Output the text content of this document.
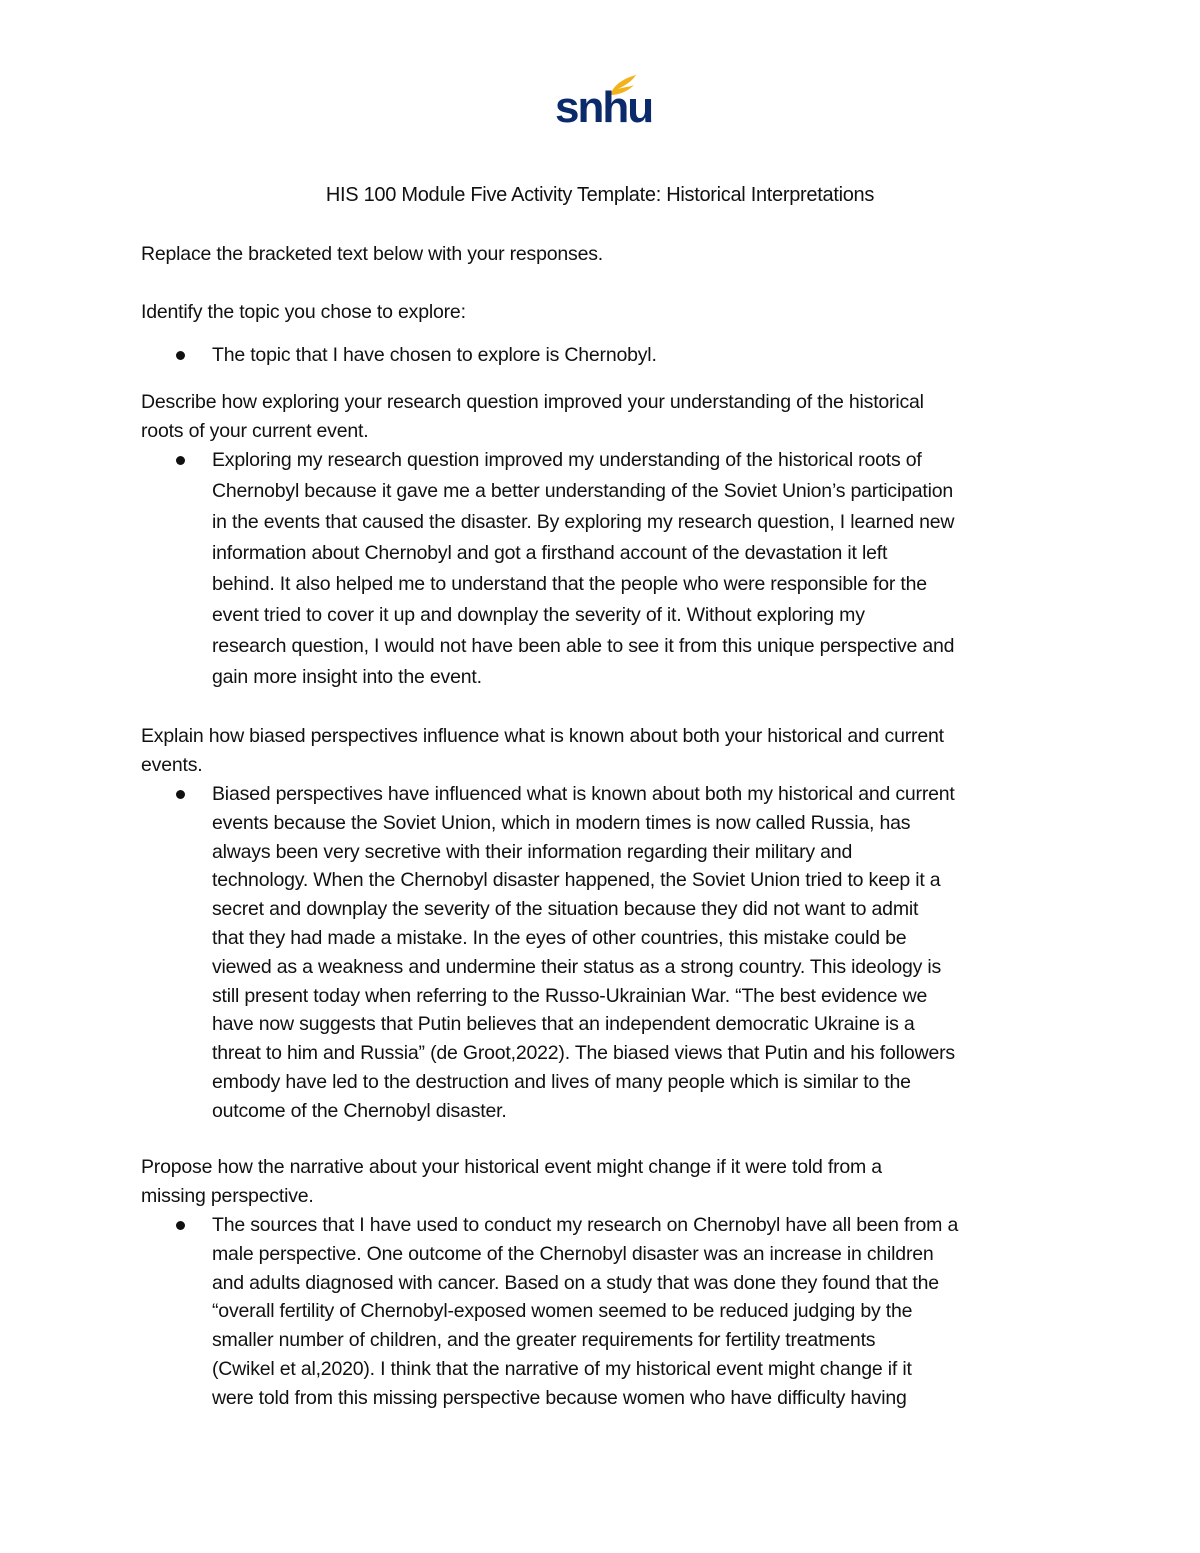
snhu
HIS 100 Module Five Activity Template: Historical Interpretations
Replace the bracketed text below with your responses.
Identify the topic you chose to explore:
The topic that I have chosen to explore is Chernobyl.
Describe how exploring your research question improved your understanding of the historical
roots of your current event.
Exploring my research question improved my understanding of the historical roots of
Chernobyl because it gave me a better understanding of the Soviet Union’s participation
in the events that caused the disaster. By exploring my research question, I learned new
information about Chernobyl and got a firsthand account of the devastation it left
behind. It also helped me to understand that the people who were responsible for the
event tried to cover it up and downplay the severity of it. Without exploring my
research question, I would not have been able to see it from this unique perspective and
gain more insight into the event.
Explain how biased perspectives influence what is known about both your historical and current
events.
Biased perspectives have influenced what is known about both my historical and current
events because the Soviet Union, which in modern times is now called Russia, has
always been very secretive with their information regarding their military and
technology. When the Chernobyl disaster happened, the Soviet Union tried to keep it a
secret and downplay the severity of the situation because they did not want to admit
that they had made a mistake. In the eyes of other countries, this mistake could be
viewed as a weakness and undermine their status as a strong country. This ideology is
still present today when referring to the Russo-Ukrainian War. “The best evidence we
have now suggests that Putin believes that an independent democratic Ukraine is a
threat to him and Russia” (de Groot,2022). The biased views that Putin and his followers
embody have led to the destruction and lives of many people which is similar to the
outcome of the Chernobyl disaster.
Propose how the narrative about your historical event might change if it were told from a
missing perspective.
The sources that I have used to conduct my research on Chernobyl have all been from a
male perspective. One outcome of the Chernobyl disaster was an increase in children
and adults diagnosed with cancer. Based on a study that was done they found that the
“overall fertility of Chernobyl-exposed women seemed to be reduced judging by the
smaller number of children, and the greater requirements for fertility treatments
(Cwikel et al,2020). I think that the narrative of my historical event might change if it
were told from this missing perspective because women who have difficulty having
